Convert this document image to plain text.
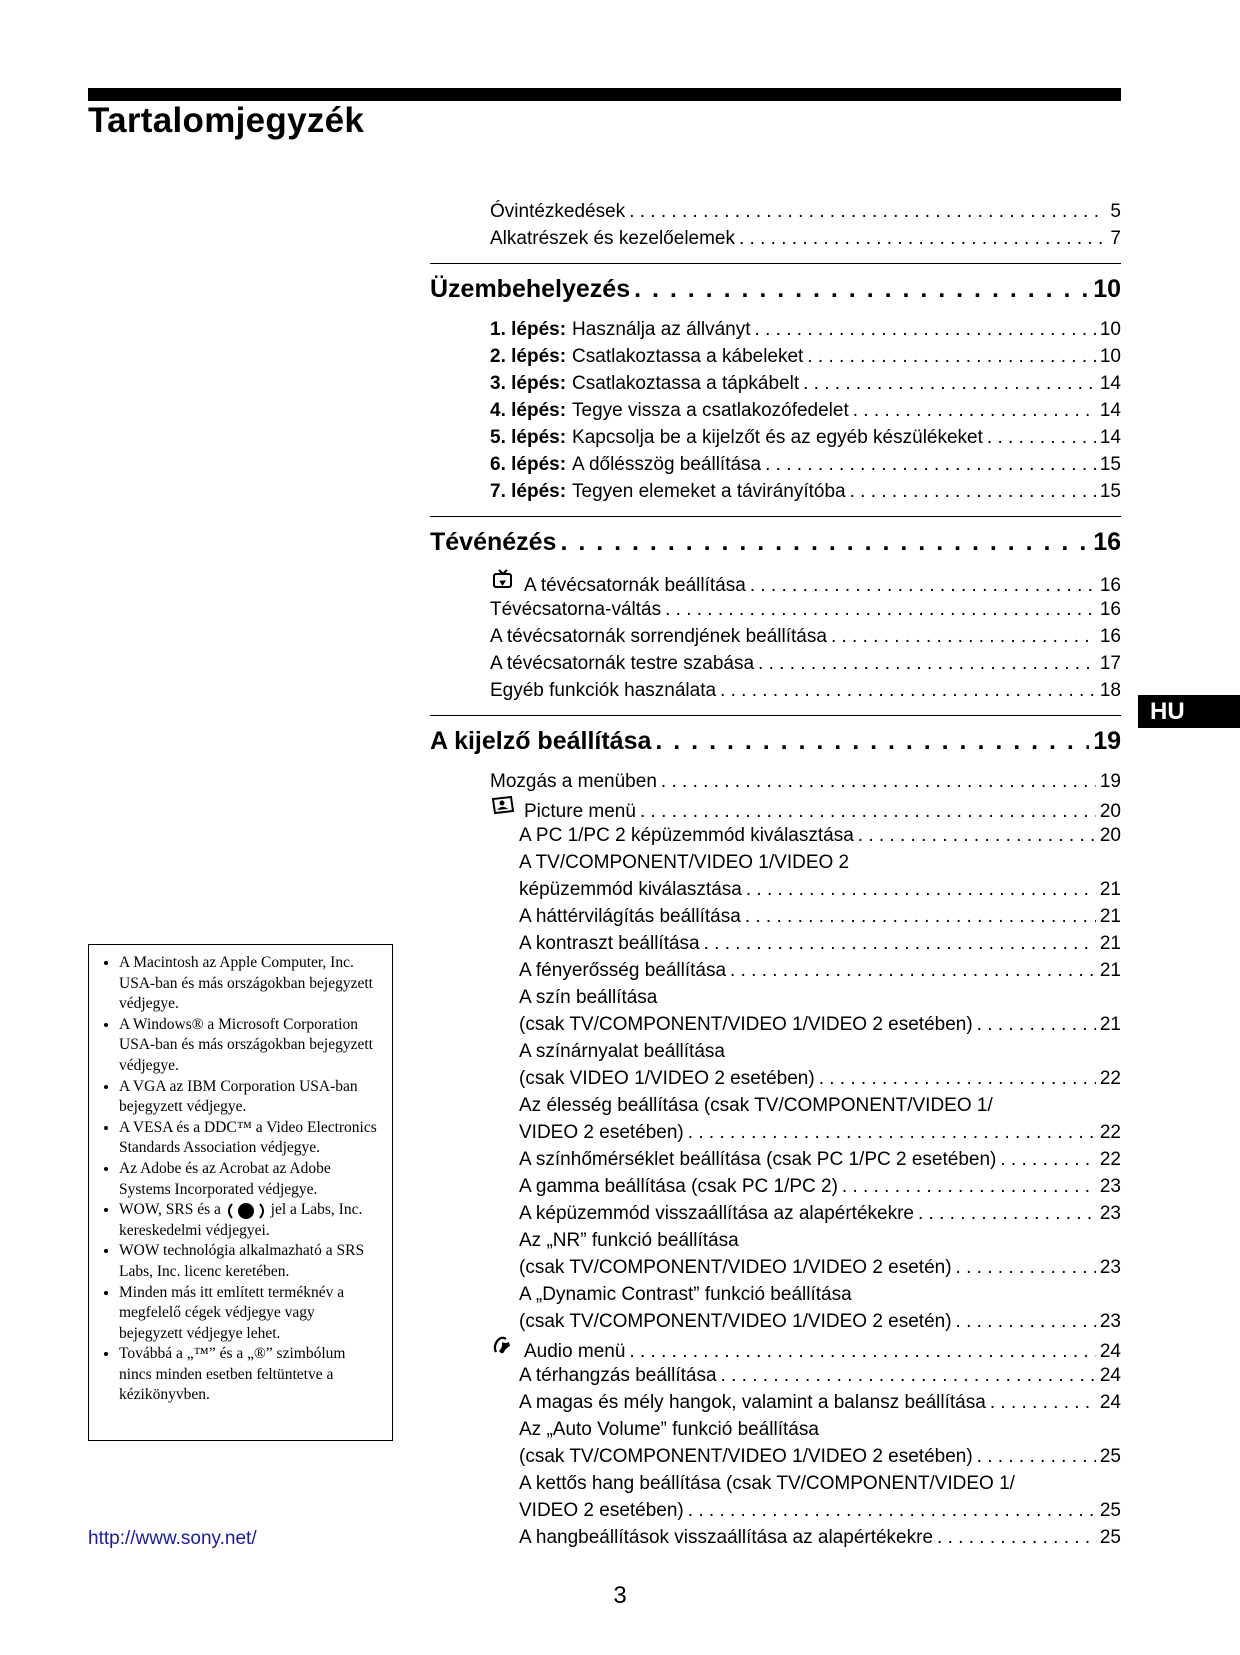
Tartalomjegyzék
HU
Óvintézkedések . . .	5
Alkatrészek és kezelőelemek . . .	7
Üzembehelyezés . . .	10
1. lépés: Használja az állványt . . .	10
2. lépés: Csatlakoztassa a kábeleket . . .	10
3. lépés: Csatlakoztassa a tápkábelt . . .	14
4. lépés: Tegye vissza a csatlakozófedelet . . .	14
5. lépés: Kapcsolja be a kijelzőt és az egyéb készülékeket . . .	14
6. lépés: A dőlésszög beállítása . . .	15
7. lépés: Tegyen elemeket a távirányítóba . . .	15
Tévénézés . . .	16
A tévécsatornák beállítása . . .	16
Tévécsatorna-váltás . . .	16
A tévécsatornák sorrendjének beállítása . . .	16
A tévécsatornák testre szabása . . .	17
Egyéb funkciók használata . . .	18
A kijelző beállítása . . .	19
Mozgás a menüben . . .	19
Picture menü . . .	20
A PC 1/PC 2 képüzemmód kiválasztása . . .	20
A TV/COMPONENT/VIDEO 1/VIDEO 2
képüzemmód kiválasztása . . .	21
A háttérvilágítás beállítása . . .	21
A kontraszt beállítása . . .	21
A fényerősség beállítása . . .	21
A szín beállítása
(csak TV/COMPONENT/VIDEO 1/VIDEO 2 esetében) . . .	21
A színárnyalat beállítása
(csak VIDEO 1/VIDEO 2 esetében) . . .	22
Az élesség beállítása (csak TV/COMPONENT/VIDEO 1/
VIDEO 2 esetében) . . .	22
A színhőmérséklet beállítása (csak PC 1/PC 2 esetében) . . .	22
A gamma beállítása (csak PC 1/PC 2) . . .	23
A képüzemmód visszaállítása az alapértékekre . . .	23
Az „NR” funkció beállítása
(csak TV/COMPONENT/VIDEO 1/VIDEO 2 esetén) . . .	23
A „Dynamic Contrast” funkció beállítása
(csak TV/COMPONENT/VIDEO 1/VIDEO 2 esetén) . . .	23
Audio menü . . .	24
A térhangzás beállítása . . .	24
A magas és mély hangok, valamint a balansz beállítása . . .	24
Az „Auto Volume” funkció beállítása
(csak TV/COMPONENT/VIDEO 1/VIDEO 2 esetében) . . .	25
A kettős hang beállítása (csak TV/COMPONENT/VIDEO 1/
VIDEO 2 esetében) . . .	25
A hangbeállítások visszaállítása az alapértékekre . . .	25
• A Macintosh az Apple Computer, Inc. USA-ban és más országokban bejegyzett védjegye.
• A Windows® a Microsoft Corporation USA-ban és más országokban bejegyzett védjegye.
• A VGA az IBM Corporation USA-ban bejegyzett védjegye.
• A VESA és a DDC™ a Video Electronics Standards Association védjegye.
• Az Adobe és az Acrobat az Adobe Systems Incorporated védjegye.
• WOW, SRS és a	jel a Labs, Inc. kereskedelmi védjegyei.
• WOW technológia alkalmazható a SRS Labs, Inc. licenc keretében.
• Minden más itt említett terméknév a megfelelő cégek védjegye vagy bejegyzett védjegye lehet.
• Továbbá a „™” és a „®” szimbólum nincs minden esetben feltüntetve a kézikönyvben.
http://www.sony.net/
3
